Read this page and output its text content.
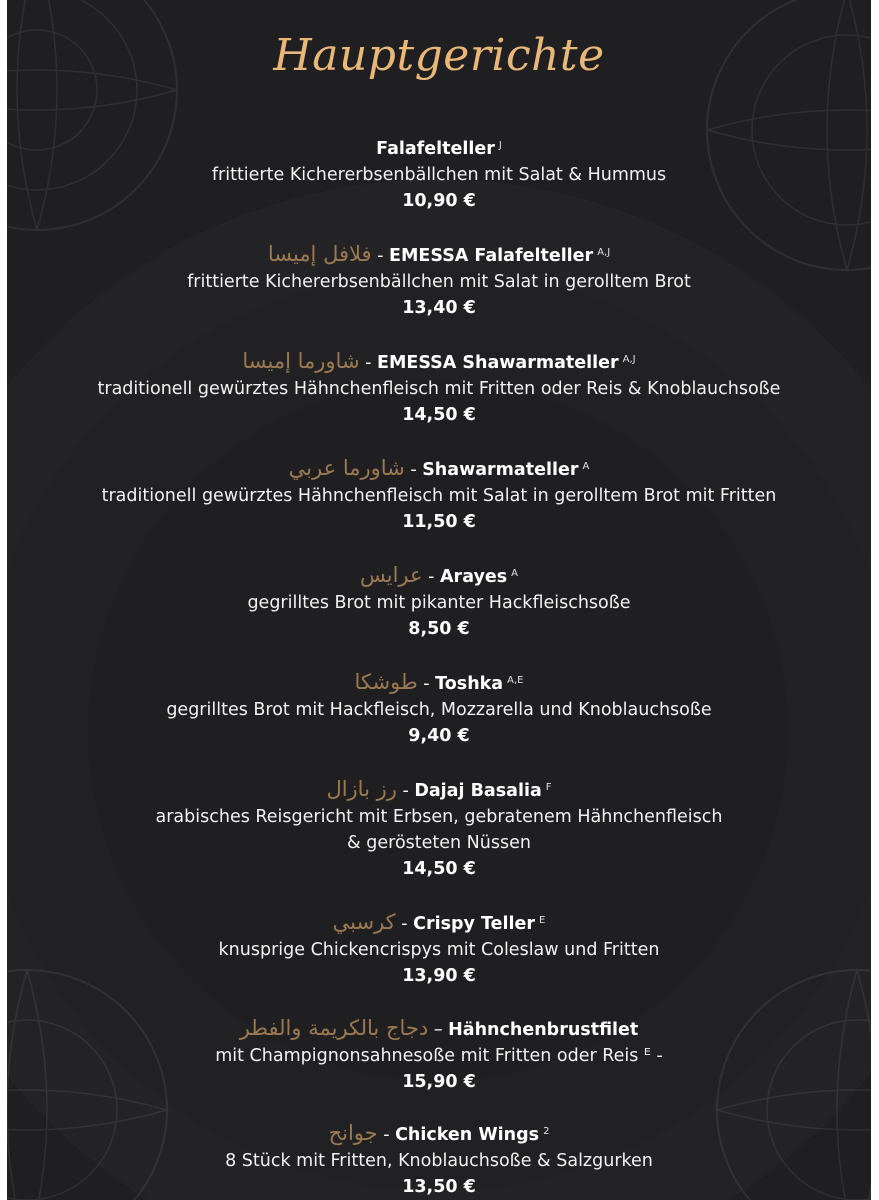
Hauptgerichte
Falafelteller $^J$
frittierte Kichererbsenbällchen mit Salat & Hummus
10,90 €
فلافل إميسا - EMESSA Falafelteller $^{A,J}$
frittierte Kichererbsenbällchen mit Salat in gerolltem Brot
13,40 €
شاورما إميسا - EMESSA Shawarmateller $^{A,J}$
traditionell gewürztes Hähnchenfleisch mit Fritten oder Reis & Knoblauchsoße
14,50 €
شاورما عربي - Shawarmateller $^A$
traditionell gewürztes Hähnchenfleisch mit Salat in gerolltem Brot mit Fritten
11,50 €
عرايس - Arayes $^A$
gegrilltes Brot mit pikanter Hackfleischsoße
8,50 €
طوشكا - Toshka $^{A,E}$
gegrilltes Brot mit Hackfleisch, Mozzarella und Knoblauchsoße
9,40 €
رز بازال - Dajaj Basalia $^F$
arabisches Reisgericht mit Erbsen, gebratenem Hähnchenfleisch
& gerösteten Nüssen
14,50 €
كرسبي - Crispy Teller $^E$
knusprige Chickencrispys mit Coleslaw und Fritten
13,90 €
دجاج بالكريمة والفطر – Hähnchenbrustfilet
mit Champignonsahnesoße mit Fritten oder Reis ᴱ -
15,90 €
جوانح - Chicken Wings $^2$
8 Stück mit Fritten, Knoblauchsoße & Salzgurken
13,50 €
